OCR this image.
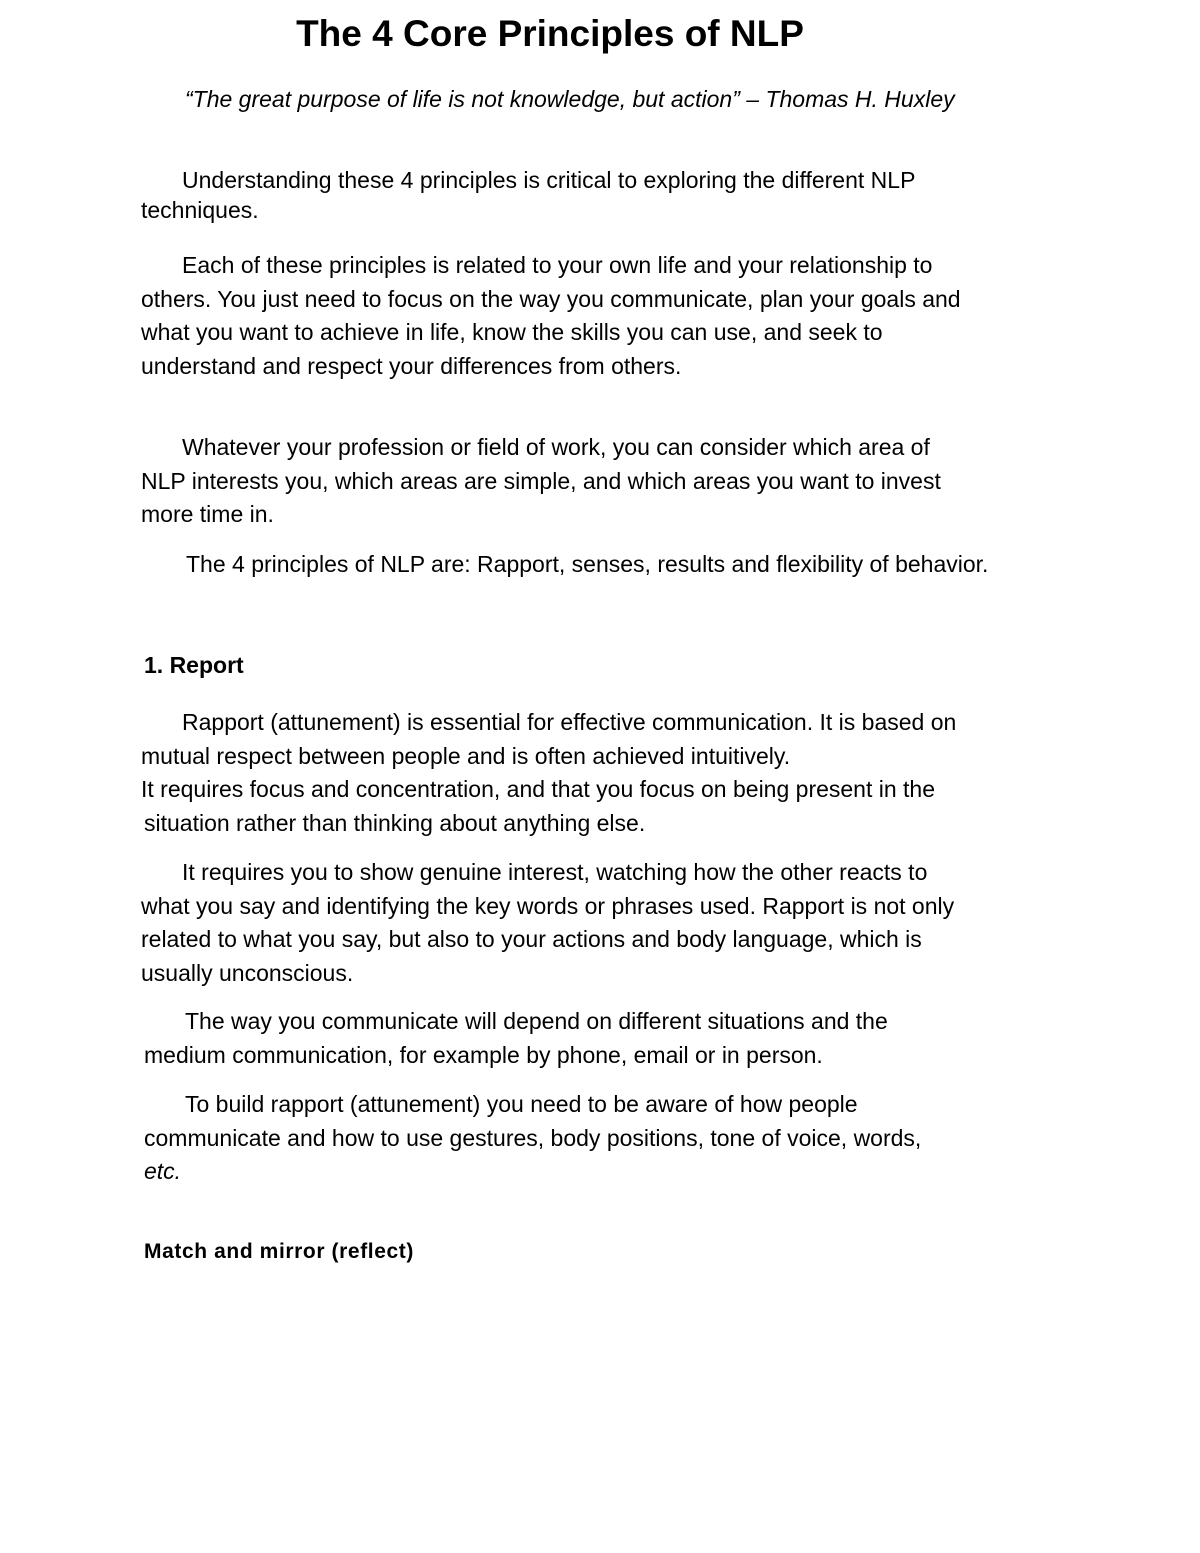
The 4 Core Principles of NLP

“The great purpose of life is not knowledge, but action” – Thomas H. Huxley

Understanding these 4 principles is critical to exploring the different NLP
techniques.
Each of these principles is related to your own life and your relationship to
others. You just need to focus on the way you communicate, plan your goals and
what you want to achieve in life, know the skills you can use, and seek to
understand and respect your differences from others.
Whatever your profession or field of work, you can consider which area of
NLP interests you, which areas are simple, and which areas you want to invest
more time in.
The 4 principles of NLP are: Rapport, senses, results and flexibility of behavior.
1. Report
Rapport (attunement) is essential for effective communication. It is based on
mutual respect between people and is often achieved intuitively.
It requires focus and concentration, and that you focus on being present in the
situation rather than thinking about anything else.
It requires you to show genuine interest, watching how the other reacts to
what you say and identifying the key words or phrases used. Rapport is not only
related to what you say, but also to your actions and body language, which is
usually unconscious.
The way you communicate will depend on different situations and the
medium communication, for example by phone, email or in person.
To build rapport (attunement) you need to be aware of how people
communicate and how to use gestures, body positions, tone of voice, words,
etc.
Match and mirror (reflect)
